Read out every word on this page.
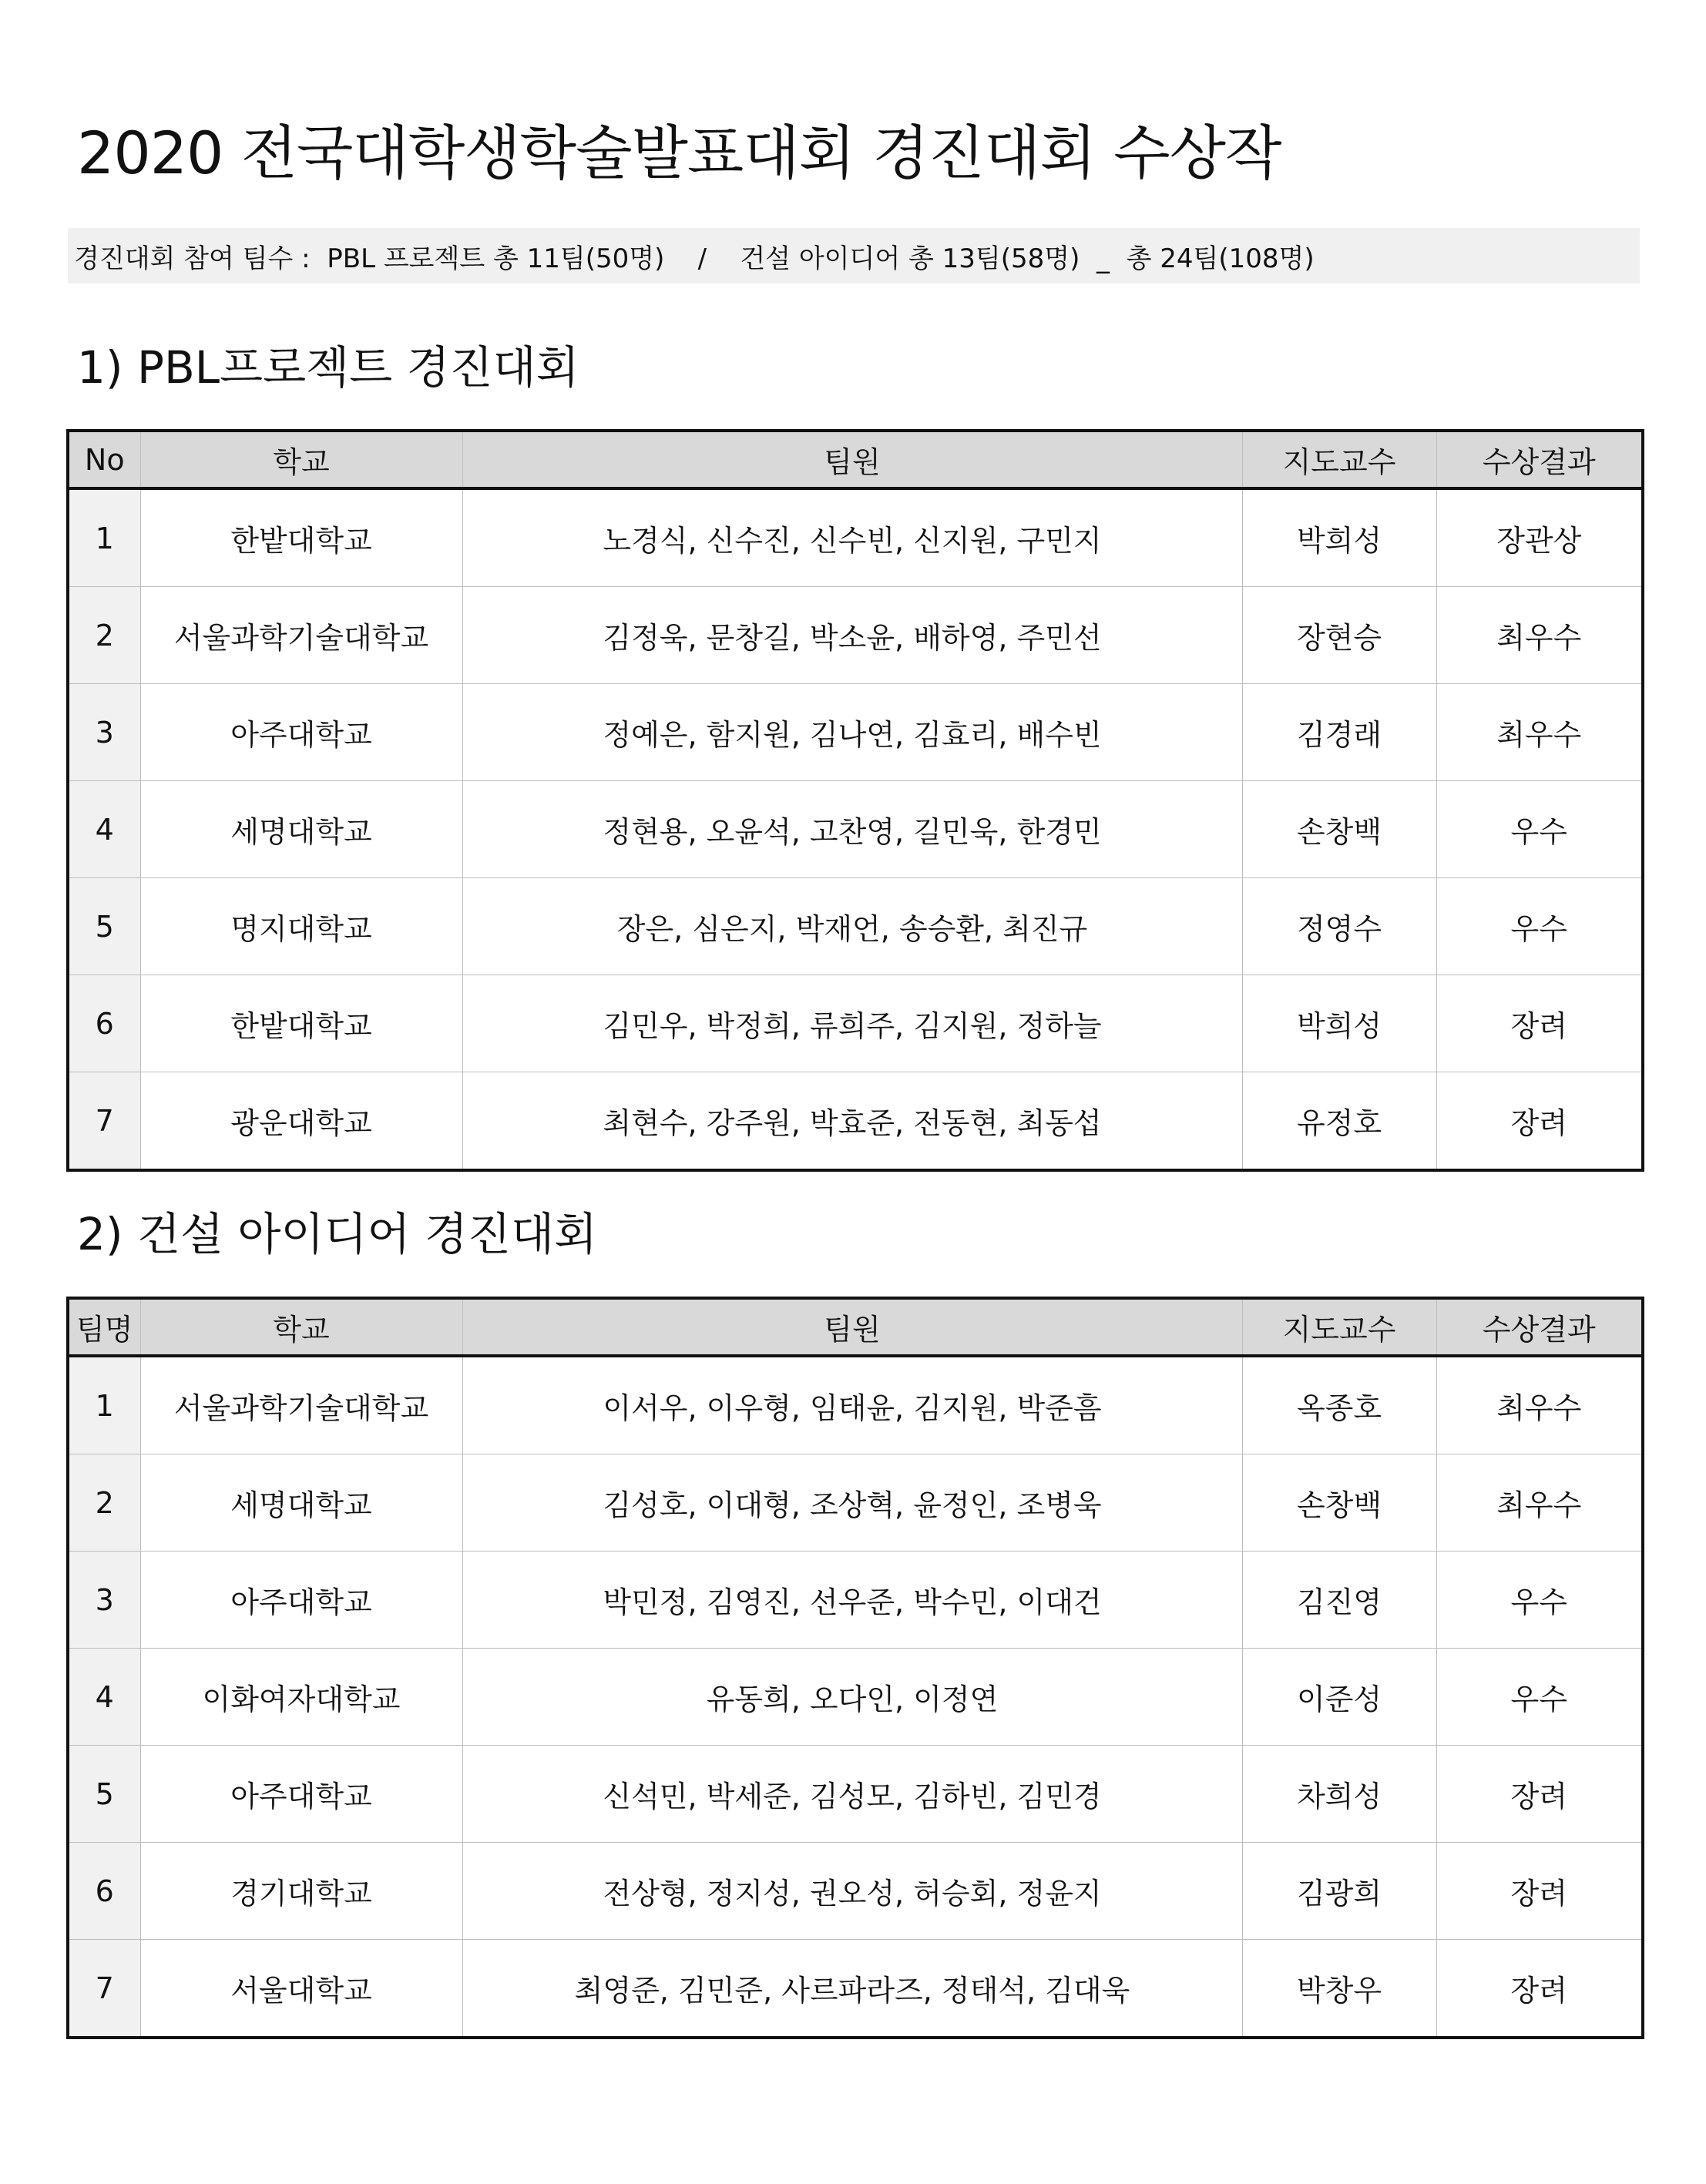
2020 전국대학생학술발표대회 경진대회 수상작
경진대회 참여 팀수 :  PBL 프로젝트 총 11팀(50명)    /    건설 아이디어 총 13팀(58명)  _  총 24팀(108명)
1) PBL프로젝트 경진대회
No	학교	팀원	지도교수	수상결과
1	한밭대학교	노경식, 신수진, 신수빈, 신지원, 구민지	박희성	장관상
2	서울과학기술대학교	김정욱, 문창길, 박소윤, 배하영, 주민선	장현승	최우수
3	아주대학교	정예은, 함지원, 김나연, 김효리, 배수빈	김경래	최우수
4	세명대학교	정현용, 오윤석, 고찬영, 길민욱, 한경민	손창백	우수
5	명지대학교	장은, 심은지, 박재언, 송승환, 최진규	정영수	우수
6	한밭대학교	김민우, 박정희, 류희주, 김지원, 정하늘	박희성	장려
7	광운대학교	최현수, 강주원, 박효준, 전동현, 최동섭	유정호	장려
2) 건설 아이디어 경진대회
팀명	학교	팀원	지도교수	수상결과
1	서울과학기술대학교	이서우, 이우형, 임태윤, 김지원, 박준흠	옥종호	최우수
2	세명대학교	김성호, 이대형, 조상혁, 윤정인, 조병욱	손창백	최우수
3	아주대학교	박민정, 김영진, 선우준, 박수민, 이대건	김진영	우수
4	이화여자대학교	유동희, 오다인, 이정연	이준성	우수
5	아주대학교	신석민, 박세준, 김성모, 김하빈, 김민경	차희성	장려
6	경기대학교	전상형, 정지성, 권오성, 허승회, 정윤지	김광희	장려
7	서울대학교	최영준, 김민준, 사르파라즈, 정태석, 김대욱	박창우	장려
